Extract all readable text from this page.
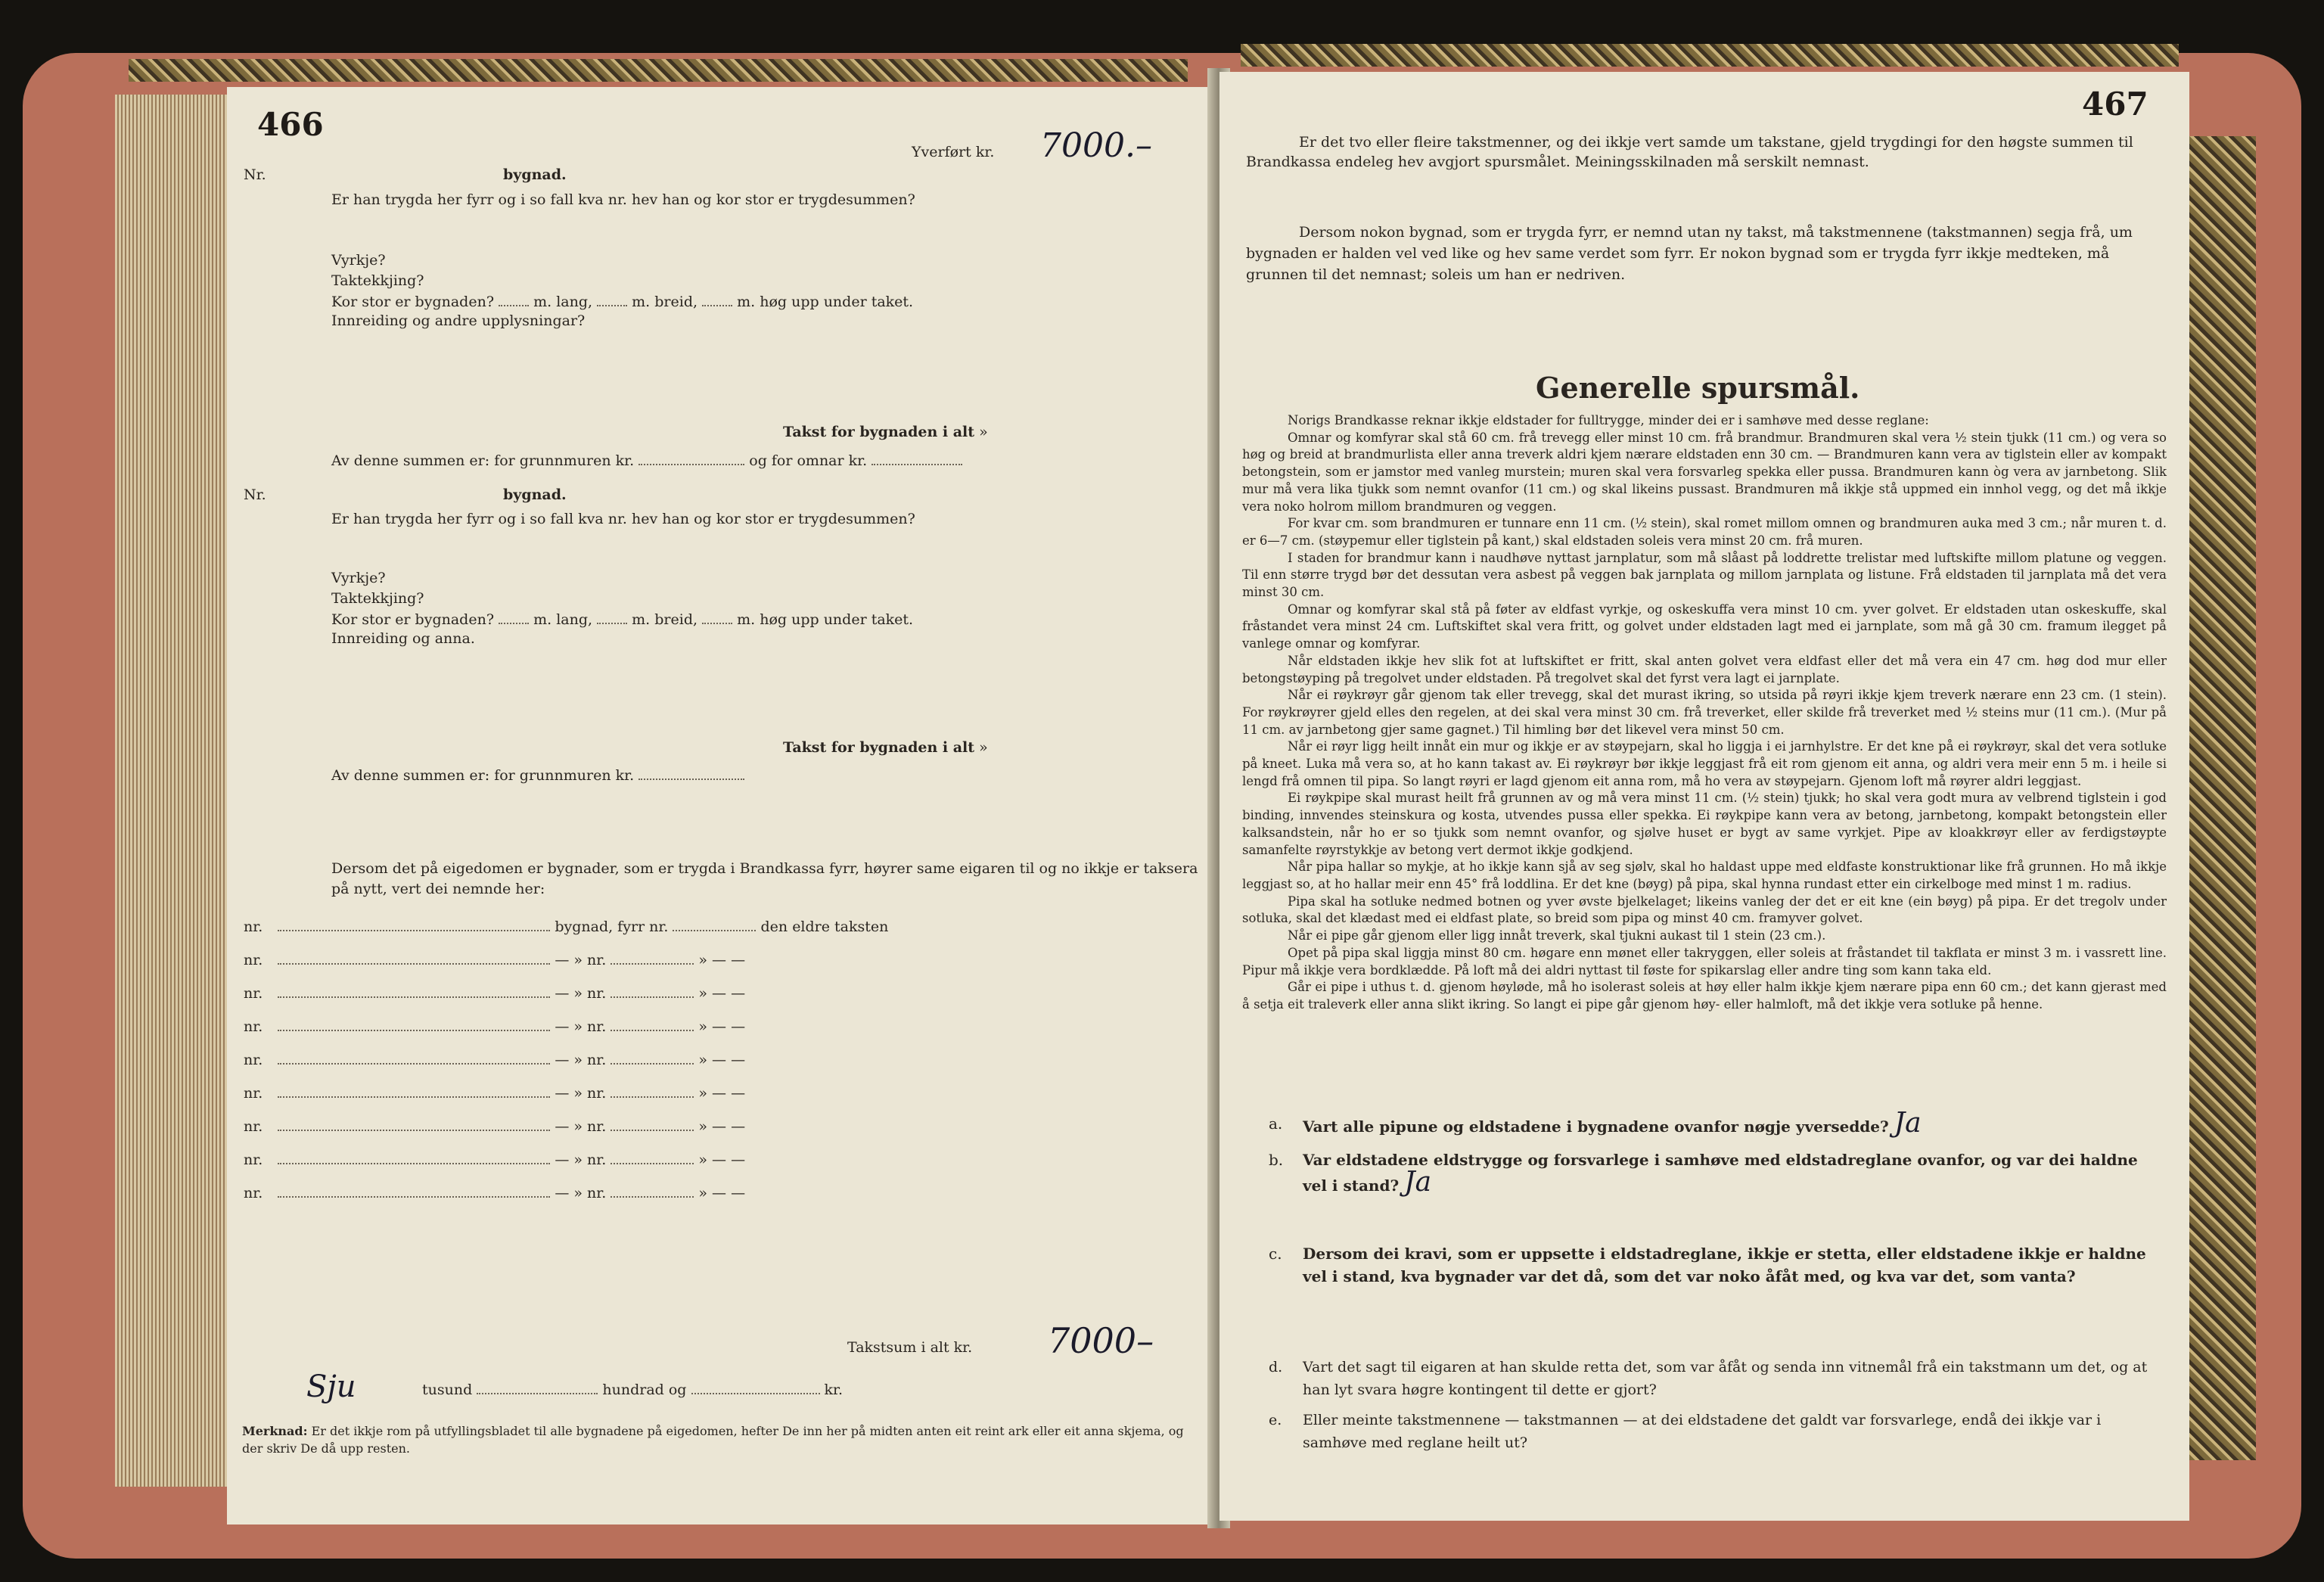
466
Yverført kr. 7000.–
Nr.	bygnad.
Er han trygda her fyrr og i so fall kva nr. hev han og kor stor er trygdesummen?
Vyrkje?
Taktekkjing?
Kor stor er bygnaden?	m. lang,	m. breid,	m. høg upp under taket.
Innreiding og andre upplysningar?
Takst for bygnaden i alt »
Av denne summen er: for grunnmuren kr.	og for omnar kr.
Nr.	bygnad.
Er han trygda her fyrr og i so fall kva nr. hev han og kor stor er trygdesummen?
Vyrkje?
Taktekkjing?
Kor stor er bygnaden?	m. lang,	m. breid,	m. høg upp under taket.
Innreiding og anna.
Takst for bygnaden i alt »
Av denne summen er: for grunnmuren kr.
Dersom det på eigedomen er bygnader, som er trygda i Brandkassa fyrr, høyrer same eigaren til og no ikkje er taksera på nytt, vert dei nemnde her:
nr.	bygnad, fyrr nr.	den eldre taksten
nr.	— » nr.	» — —
nr.	— » nr.	» — —
nr.	— » nr.	» — —
nr.	— » nr.	» — —
nr.	— » nr.	» — —
nr.	— » nr.	» — —
nr.	— » nr.	» — —
nr.	— » nr.	» — —
Takstsum i alt kr. 7000–
Sju	tusund	hundrad og	kr.
Merknad: Er det ikkje rom på utfyllingsbladet til alle bygnadene på eigedomen, hefter De inn her på midten anten eit reint ark eller eit anna skjema, og der skriv De då upp resten.
467
Er det tvo eller fleire takstmenner, og dei ikkje vert samde um takstane, gjeld trygdingi for den høgste summen til Brandkassa endeleg hev avgjort spursmålet. Meiningsskilnaden må serskilt nemnast.
Dersom nokon bygnad, som er trygda fyrr, er nemnd utan ny takst, må takstmennene (takstmannen) segja frå, um bygnaden er halden vel ved like og hev same verdet som fyrr. Er nokon bygnad som er trygda fyrr ikkje medteken, må grunnen til det nemnast; soleis um han er nedriven.
Generelle spursmål.
Norigs Brandkasse reknar ikkje eldstader for fulltrygge, minder dei er i samhøve med desse reglane:
Omnar og komfyrar skal stå 60 cm. frå trevegg eller minst 10 cm. frå brandmur. Brandmuren skal vera ½ stein tjukk (11 cm.) og vera so høg og breid at brandmurlista eller anna treverk aldri kjem nærare eldstaden enn 30 cm. — Brandmuren kann vera av tiglstein eller av kompakt betongstein, som er jamstor med vanleg murstein; muren skal vera forsvarleg spekka eller pussa. Brandmuren kann òg vera av jarnbetong. Slik mur må vera lika tjukk som nemnt ovanfor (11 cm.) og skal likeins pussast. Brandmuren må ikkje stå uppmed ein innhol vegg, og det må ikkje vera noko holrom millom brandmuren og veggen.
For kvar cm. som brandmuren er tunnare enn 11 cm. (½ stein), skal romet millom omnen og brandmuren auka med 3 cm.; når muren t. d. er 6—7 cm. (støypemur eller tiglstein på kant,) skal eldstaden soleis vera minst 20 cm. frå muren.
I staden for brandmur kann i naudhøve nyttast jarnplatur, som må slåast på loddrette trelistar med luftskifte millom platune og veggen. Til enn større trygd bør det dessutan vera asbest på veggen bak jarnplata og millom jarnplata og listune. Frå eldstaden til jarnplata må det vera minst 30 cm.
Omnar og komfyrar skal stå på føter av eldfast vyrkje, og oskeskuffa vera minst 10 cm. yver golvet. Er eldstaden utan oskeskuffe, skal fråstandet vera minst 24 cm. Luftskiftet skal vera fritt, og golvet under eldstaden lagt med ei jarnplate, som må gå 30 cm. framum ilegget på vanlege omnar og komfyrar.
Når eldstaden ikkje hev slik fot at luftskiftet er fritt, skal anten golvet vera eldfast eller det må vera ein 47 cm. høg dod mur eller betongstøyping på tregolvet under eldstaden. På tregolvet skal det fyrst vera lagt ei jarnplate.
Når ei røykrøyr går gjenom tak eller trevegg, skal det murast ikring, so utsida på røyri ikkje kjem treverk nærare enn 23 cm. (1 stein). For røykrøyrer gjeld elles den regelen, at dei skal vera minst 30 cm. frå treverket, eller skilde frå treverket med ½ steins mur (11 cm.). (Mur på 11 cm. av jarnbetong gjer same gagnet.) Til himling bør det likevel vera minst 50 cm.
Når ei røyr ligg heilt innåt ein mur og ikkje er av støypejarn, skal ho liggja i ei jarnhylstre. Er det kne på ei røykrøyr, skal det vera sotluke på kneet. Luka må vera so, at ho kann takast av. Ei røykrøyr bør ikkje leggjast frå eit rom gjenom eit anna, og aldri vera meir enn 5 m. i heile si lengd frå omnen til pipa. So langt røyri er lagd gjenom eit anna rom, må ho vera av støypejarn. Gjenom loft må røyrer aldri leggjast.
Ei røykpipe skal murast heilt frå grunnen av og må vera minst 11 cm. (½ stein) tjukk; ho skal vera godt mura av velbrend tiglstein i god binding, innvendes steinskura og kosta, utvendes pussa eller spekka. Ei røykpipe kann vera av betong, jarnbetong, kompakt betongstein eller kalksandstein, når ho er so tjukk som nemnt ovanfor, og sjølve huset er bygt av same vyrkjet. Pipe av kloakkrøyr eller av ferdigstøypte samanfelte røyrstykkje av betong vert dermot ikkje godkjend.
Når pipa hallar so mykje, at ho ikkje kann sjå av seg sjølv, skal ho haldast uppe med eldfaste konstruktionar like frå grunnen. Ho må ikkje leggjast so, at ho hallar meir enn 45° frå loddlina. Er det kne (bøyg) på pipa, skal hynna rundast etter ein cirkelboge med minst 1 m. radius.
Pipa skal ha sotluke nedmed botnen og yver øvste bjelkelaget; likeins vanleg der det er eit kne (ein bøyg) på pipa. Er det tregolv under sotluka, skal det klædast med ei eldfast plate, so breid som pipa og minst 40 cm. framyver golvet.
Når ei pipe går gjenom eller ligg innåt treverk, skal tjukni aukast til 1 stein (23 cm.).
Opet på pipa skal liggja minst 80 cm. høgare enn mønet eller takryggen, eller soleis at fråstandet til takflata er minst 3 m. i vassrett line. Pipur må ikkje vera bordklædde. På loft må dei aldri nyttast til føste for spikarslag eller andre ting som kann taka eld.
Går ei pipe i uthus t. d. gjenom høyløde, må ho isolerast soleis at høy eller halm ikkje kjem nærare pipa enn 60 cm.; det kann gjerast med å setja eit traleverk eller anna slikt ikring. So langt ei pipe går gjenom høy- eller halmloft, må det ikkje vera sotluke på henne.
a. Vart alle pipune og eldstadene i bygnadene ovanfor nøgje yversedde? Ja
b. Var eldstadene eldstrygge og forsvarlege i samhøve med eldstadreglane ovanfor, og var dei haldne vel i stand? Ja
c. Dersom dei kravi, som er uppsette i eldstadreglane, ikkje er stetta, eller eldstadene ikkje er haldne vel i stand, kva bygnader var det då, som det var noko åfåt med, og kva var det, som vanta?
d. Vart det sagt til eigaren at han skulde retta det, som var åfåt og senda inn vitnemål frå ein takstmann um det, og at han lyt svara høgre kontingent til dette er gjort?
e. Eller meinte takstmennene — takstmannen — at dei eldstadene det galdt var forsvarlege, endå dei ikkje var i samhøve med reglane heilt ut?
